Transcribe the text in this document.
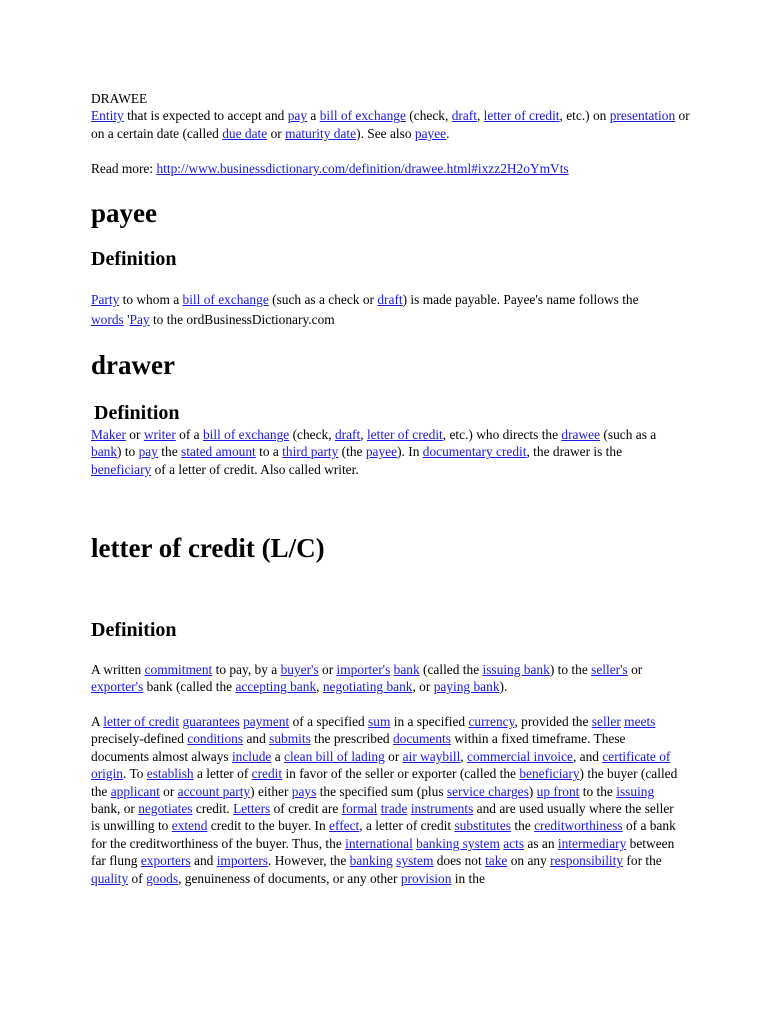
DRAWEE

Entity that is expected to accept and pay a bill of exchange (check, draft, letter of credit, etc.) on presentation or on a certain date (called due date or maturity date). See also payee.

Read more: http://www.businessdictionary.com/definition/drawee.html#ixzz2H2oYmVts

payee
Definition

Party to whom a bill of exchange (such as a check or draft) is made payable. Payee's name follows the words 'Pay to the ordBusinessDictionary.com

drawer
Definition

Maker or writer of a bill of exchange (check, draft, letter of credit, etc.) who directs the drawee (such as a bank) to pay the stated amount to a third party (the payee). In documentary credit, the drawer is the beneficiary of a letter of credit. Also called writer.

letter of credit (L/C)
Definition

A written commitment to pay, by a buyer's or importer's bank (called the issuing bank) to the seller's or exporter's bank (called the accepting bank, negotiating bank, or paying bank).

A letter of credit guarantees payment of a specified sum in a specified currency, provided the seller meets precisely-defined conditions and submits the prescribed documents within a fixed timeframe. These documents almost always include a clean bill of lading or air waybill, commercial invoice, and certificate of origin. To establish a letter of credit in favor of the seller or exporter (called the beneficiary) the buyer (called the applicant or account party) either pays the specified sum (plus service charges) up front to the issuing bank, or negotiates credit. Letters of credit are formal trade instruments and are used usually where the seller is unwilling to extend credit to the buyer. In effect, a letter of credit substitutes the creditworthiness of a bank for the creditworthiness of the buyer. Thus, the international banking system acts as an intermediary between far flung exporters and importers. However, the banking system does not take on any responsibility for the quality of goods, genuineness of documents, or any other provision in the
